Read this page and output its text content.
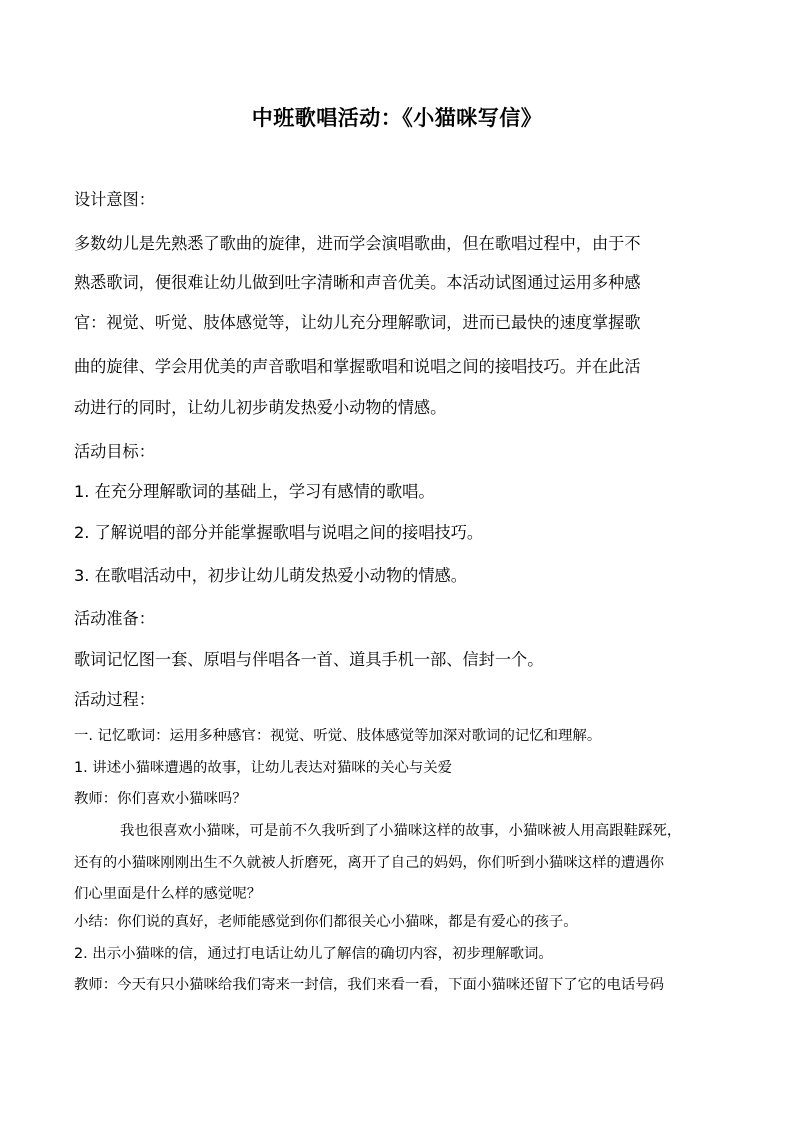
中班歌唱活动：《小猫咪写信》
设计意图：
多数幼儿是先熟悉了歌曲的旋律，进而学会演唱歌曲，但在歌唱过程中，由于不
熟悉歌词，便很难让幼儿做到吐字清晰和声音优美。本活动试图通过运用多种感
官：视觉、听觉、肢体感觉等，让幼儿充分理解歌词，进而已最快的速度掌握歌
曲的旋律、学会用优美的声音歌唱和掌握歌唱和说唱之间的接唱技巧。并在此活
动进行的同时，让幼儿初步萌发热爱小动物的情感。
活动目标：
1. 在充分理解歌词的基础上，学习有感情的歌唱。
2. 了解说唱的部分并能掌握歌唱与说唱之间的接唱技巧。
3. 在歌唱活动中，初步让幼儿萌发热爱小动物的情感。
活动准备：
歌词记忆图一套、原唱与伴唱各一首、道具手机一部、信封一个。
活动过程：
一. 记忆歌词：运用多种感官：视觉、听觉、肢体感觉等加深对歌词的记忆和理解。
1. 讲述小猫咪遭遇的故事，让幼儿表达对猫咪的关心与关爱
教师：你们喜欢小猫咪吗？
我也很喜欢小猫咪，可是前不久我听到了小猫咪这样的故事，小猫咪被人用高跟鞋踩死，
还有的小猫咪刚刚出生不久就被人折磨死，离开了自己的妈妈，你们听到小猫咪这样的遭遇你
们心里面是什么样的感觉呢？
小结：你们说的真好，老师能感觉到你们都很关心小猫咪，都是有爱心的孩子。
2. 出示小猫咪的信，通过打电话让幼儿了解信的确切内容，初步理解歌词。
教师：今天有只小猫咪给我们寄来一封信，我们来看一看，下面小猫咪还留下了它的电话号码
